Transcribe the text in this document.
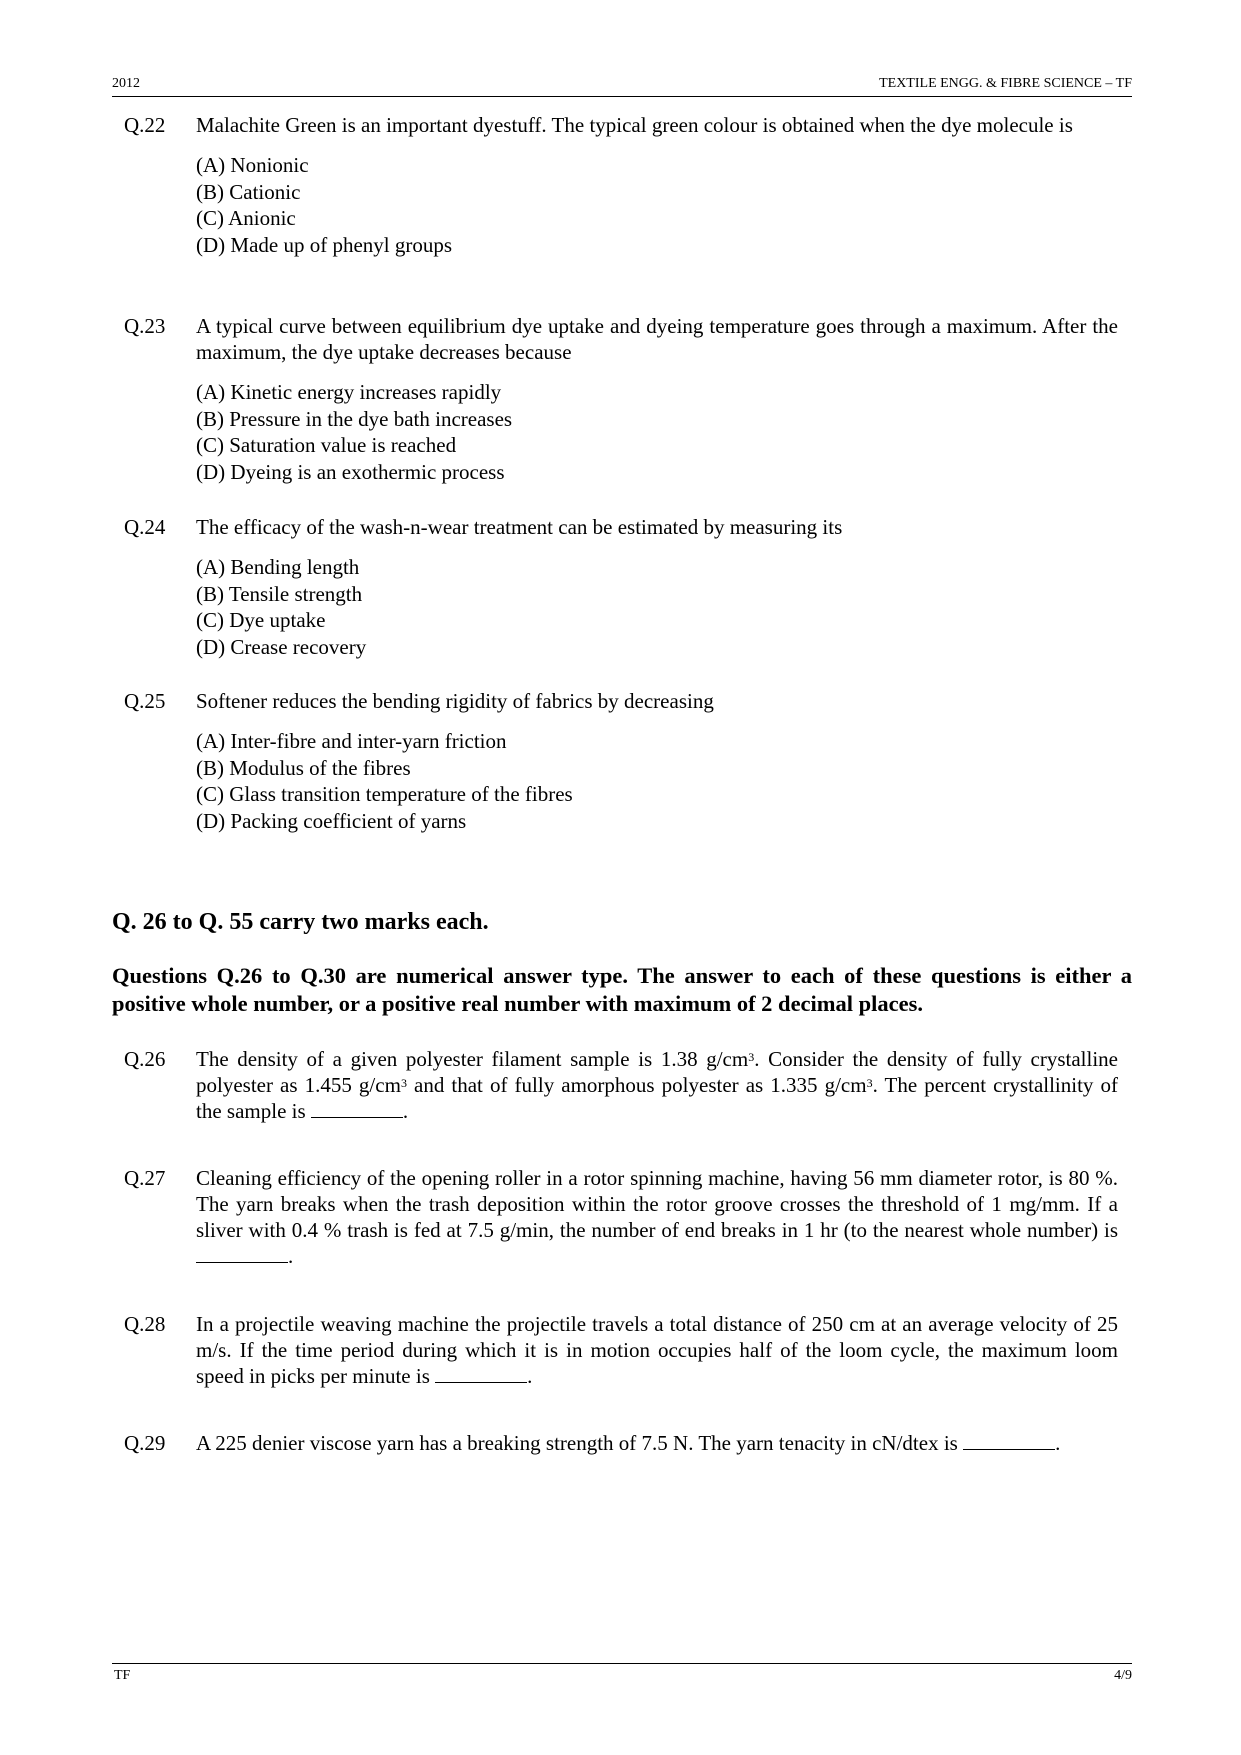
2012	TEXTILE ENGG. & FIBRE SCIENCE – TF
Q.22 Malachite Green is an important dyestuff. The typical green colour is obtained when the dye molecule is
(A) Nonionic
(B) Cationic
(C) Anionic
(D) Made up of phenyl groups
Q.23 A typical curve between equilibrium dye uptake and dyeing temperature goes through a maximum. After the maximum, the dye uptake decreases because
(A) Kinetic energy increases rapidly
(B) Pressure in the dye bath increases
(C) Saturation value is reached
(D) Dyeing is an exothermic process
Q.24 The efficacy of the wash-n-wear treatment can be estimated by measuring its
(A) Bending length
(B) Tensile strength
(C) Dye uptake
(D) Crease recovery
Q.25 Softener reduces the bending rigidity of fabrics by decreasing
(A) Inter-fibre and inter-yarn friction
(B) Modulus of the fibres
(C) Glass transition temperature of the fibres
(D) Packing coefficient of yarns
Q. 26 to Q. 55 carry two marks each.
Questions Q.26 to Q.30 are numerical answer type. The answer to each of these questions is either a positive whole number, or a positive real number with maximum of 2 decimal places.
Q.26 The density of a given polyester filament sample is 1.38 $g/cm^3$. Consider the density of fully crystalline polyester as 1.455 $g/cm^3$ and that of fully amorphous polyester as 1.335 $g/cm^3$. The percent crystallinity of the sample is	.
Q.27 Cleaning efficiency of the opening roller in a rotor spinning machine, having 56 mm diameter rotor, is 80 %. The yarn breaks when the trash deposition within the rotor groove crosses the threshold of 1 mg/mm. If a sliver with 0.4 % trash is fed at 7.5 g/min, the number of end breaks in 1 hr (to the nearest whole number) is .
Q.28 In a projectile weaving machine the projectile travels a total distance of 250 cm at an average velocity of 25 m/s. If the time period during which it is in motion occupies half of the loom cycle, the maximum loom speed in picks per minute is	.
Q.29 A 225 denier viscose yarn has a breaking strength of 7.5 N. The yarn tenacity in cN/dtex is	.
TF	4/9
